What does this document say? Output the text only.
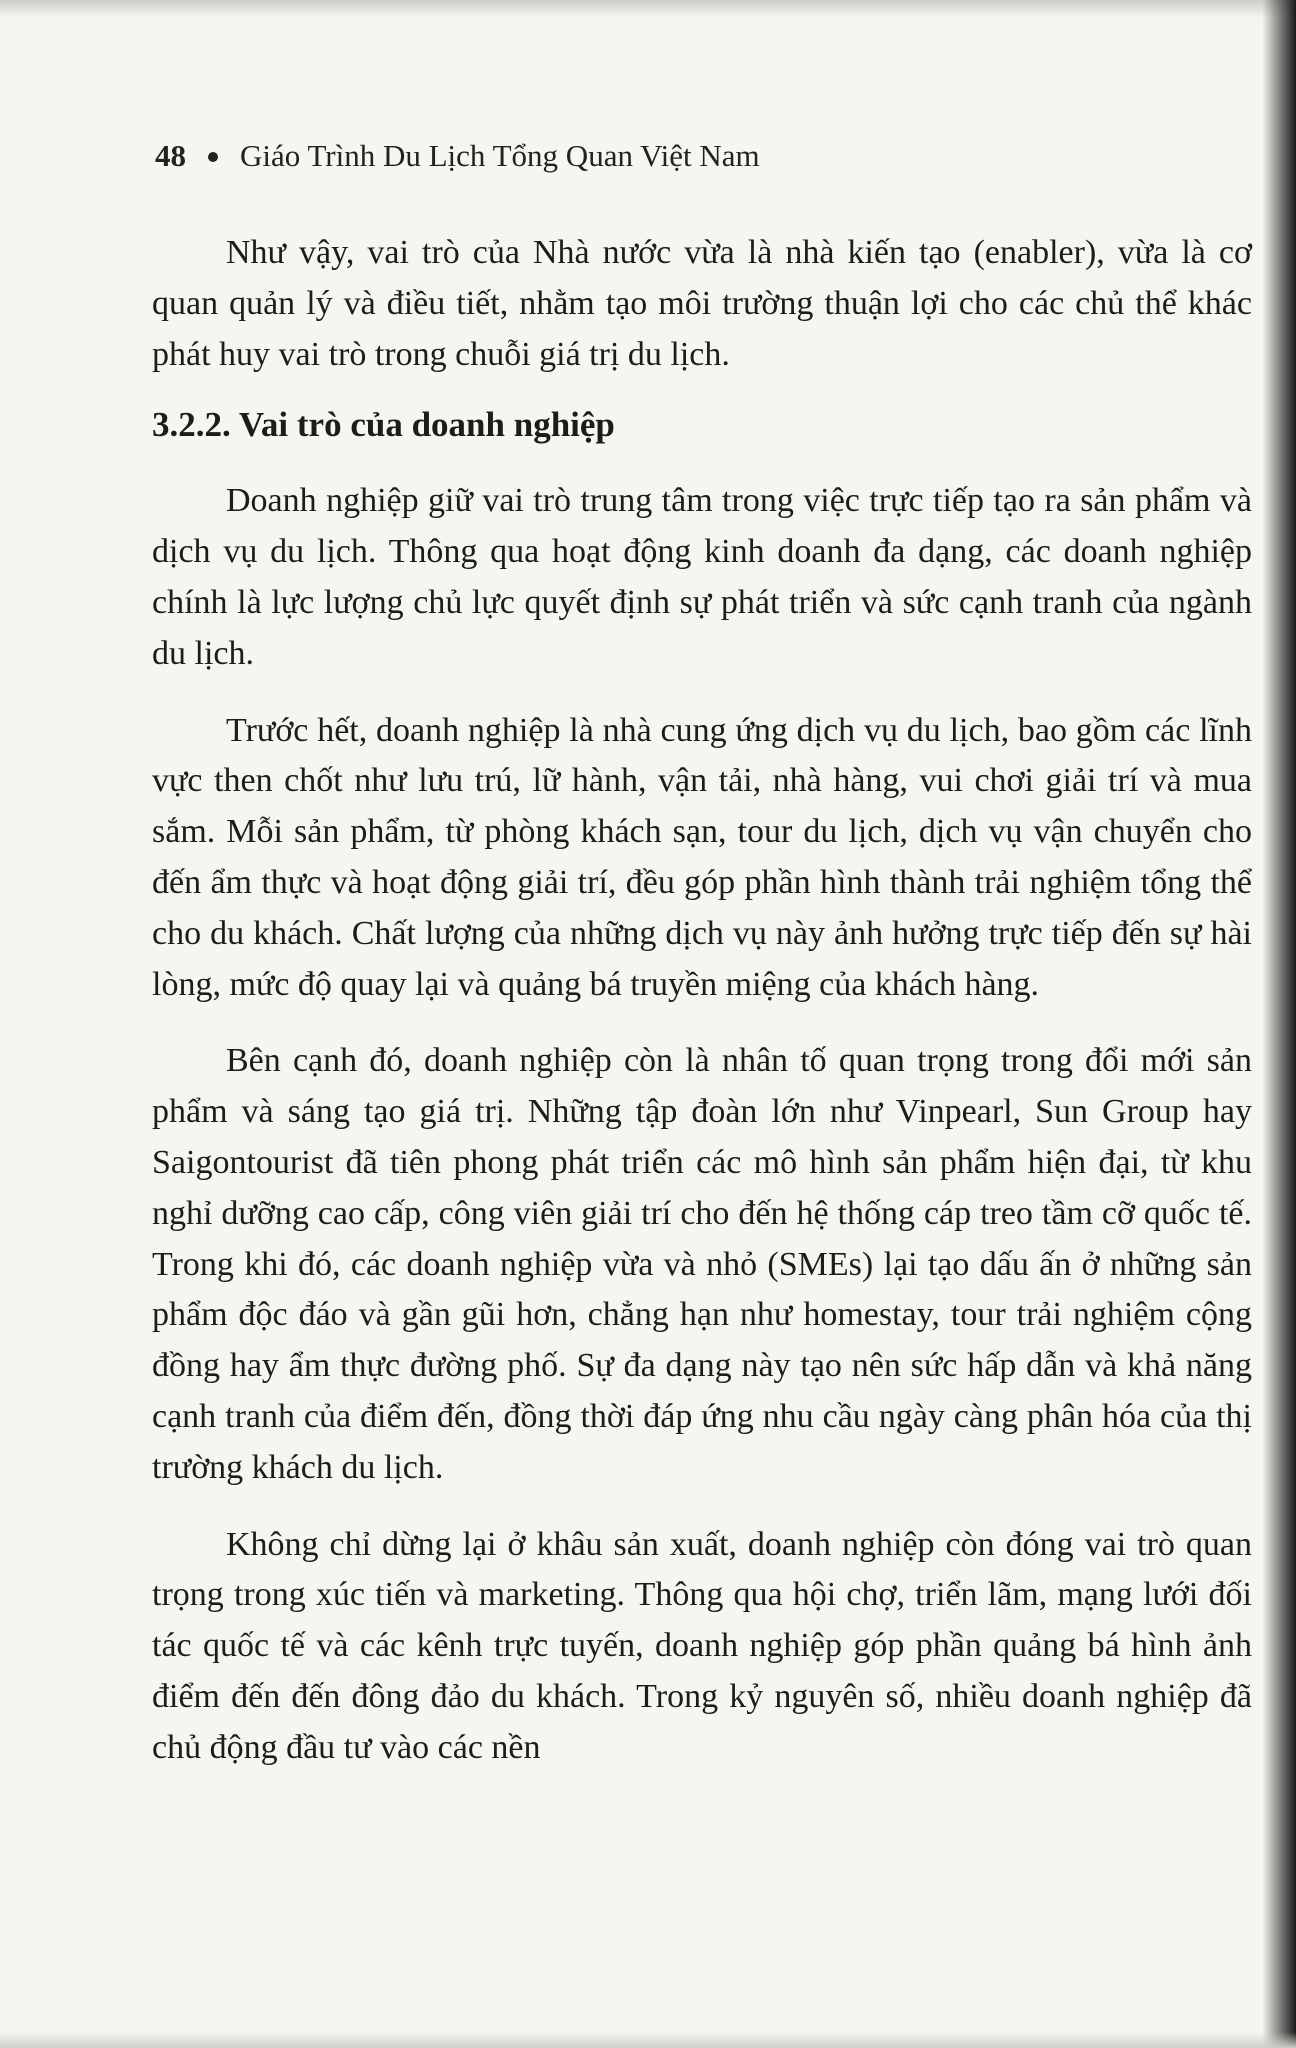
48 Giáo Trình Du Lịch Tổng Quan Việt Nam

Như vậy, vai trò của Nhà nước vừa là nhà kiến tạo (enabler), vừa là cơ quan quản lý và điều tiết, nhằm tạo môi trường thuận lợi cho các chủ thể khác phát huy vai trò trong chuỗi giá trị du lịch.

3.2.2. Vai trò của doanh nghiệp

Doanh nghiệp giữ vai trò trung tâm trong việc trực tiếp tạo ra sản phẩm và dịch vụ du lịch. Thông qua hoạt động kinh doanh đa dạng, các doanh nghiệp chính là lực lượng chủ lực quyết định sự phát triển và sức cạnh tranh của ngành du lịch.

Trước hết, doanh nghiệp là nhà cung ứng dịch vụ du lịch, bao gồm các lĩnh vực then chốt như lưu trú, lữ hành, vận tải, nhà hàng, vui chơi giải trí và mua sắm. Mỗi sản phẩm, từ phòng khách sạn, tour du lịch, dịch vụ vận chuyển cho đến ẩm thực và hoạt động giải trí, đều góp phần hình thành trải nghiệm tổng thể cho du khách. Chất lượng của những dịch vụ này ảnh hưởng trực tiếp đến sự hài lòng, mức độ quay lại và quảng bá truyền miệng của khách hàng.

Bên cạnh đó, doanh nghiệp còn là nhân tố quan trọng trong đổi mới sản phẩm và sáng tạo giá trị. Những tập đoàn lớn như Vinpearl, Sun Group hay Saigontourist đã tiên phong phát triển các mô hình sản phẩm hiện đại, từ khu nghỉ dưỡng cao cấp, công viên giải trí cho đến hệ thống cáp treo tầm cỡ quốc tế. Trong khi đó, các doanh nghiệp vừa và nhỏ (SMEs) lại tạo dấu ấn ở những sản phẩm độc đáo và gần gũi hơn, chẳng hạn như homestay, tour trải nghiệm cộng đồng hay ẩm thực đường phố. Sự đa dạng này tạo nên sức hấp dẫn và khả năng cạnh tranh của điểm đến, đồng thời đáp ứng nhu cầu ngày càng phân hóa của thị trường khách du lịch.

Không chỉ dừng lại ở khâu sản xuất, doanh nghiệp còn đóng vai trò quan trọng trong xúc tiến và marketing. Thông qua hội chợ, triển lãm, mạng lưới đối tác quốc tế và các kênh trực tuyến, doanh nghiệp góp phần quảng bá hình ảnh điểm đến đến đông đảo du khách. Trong kỷ nguyên số, nhiều doanh nghiệp đã chủ động đầu tư vào các nền
